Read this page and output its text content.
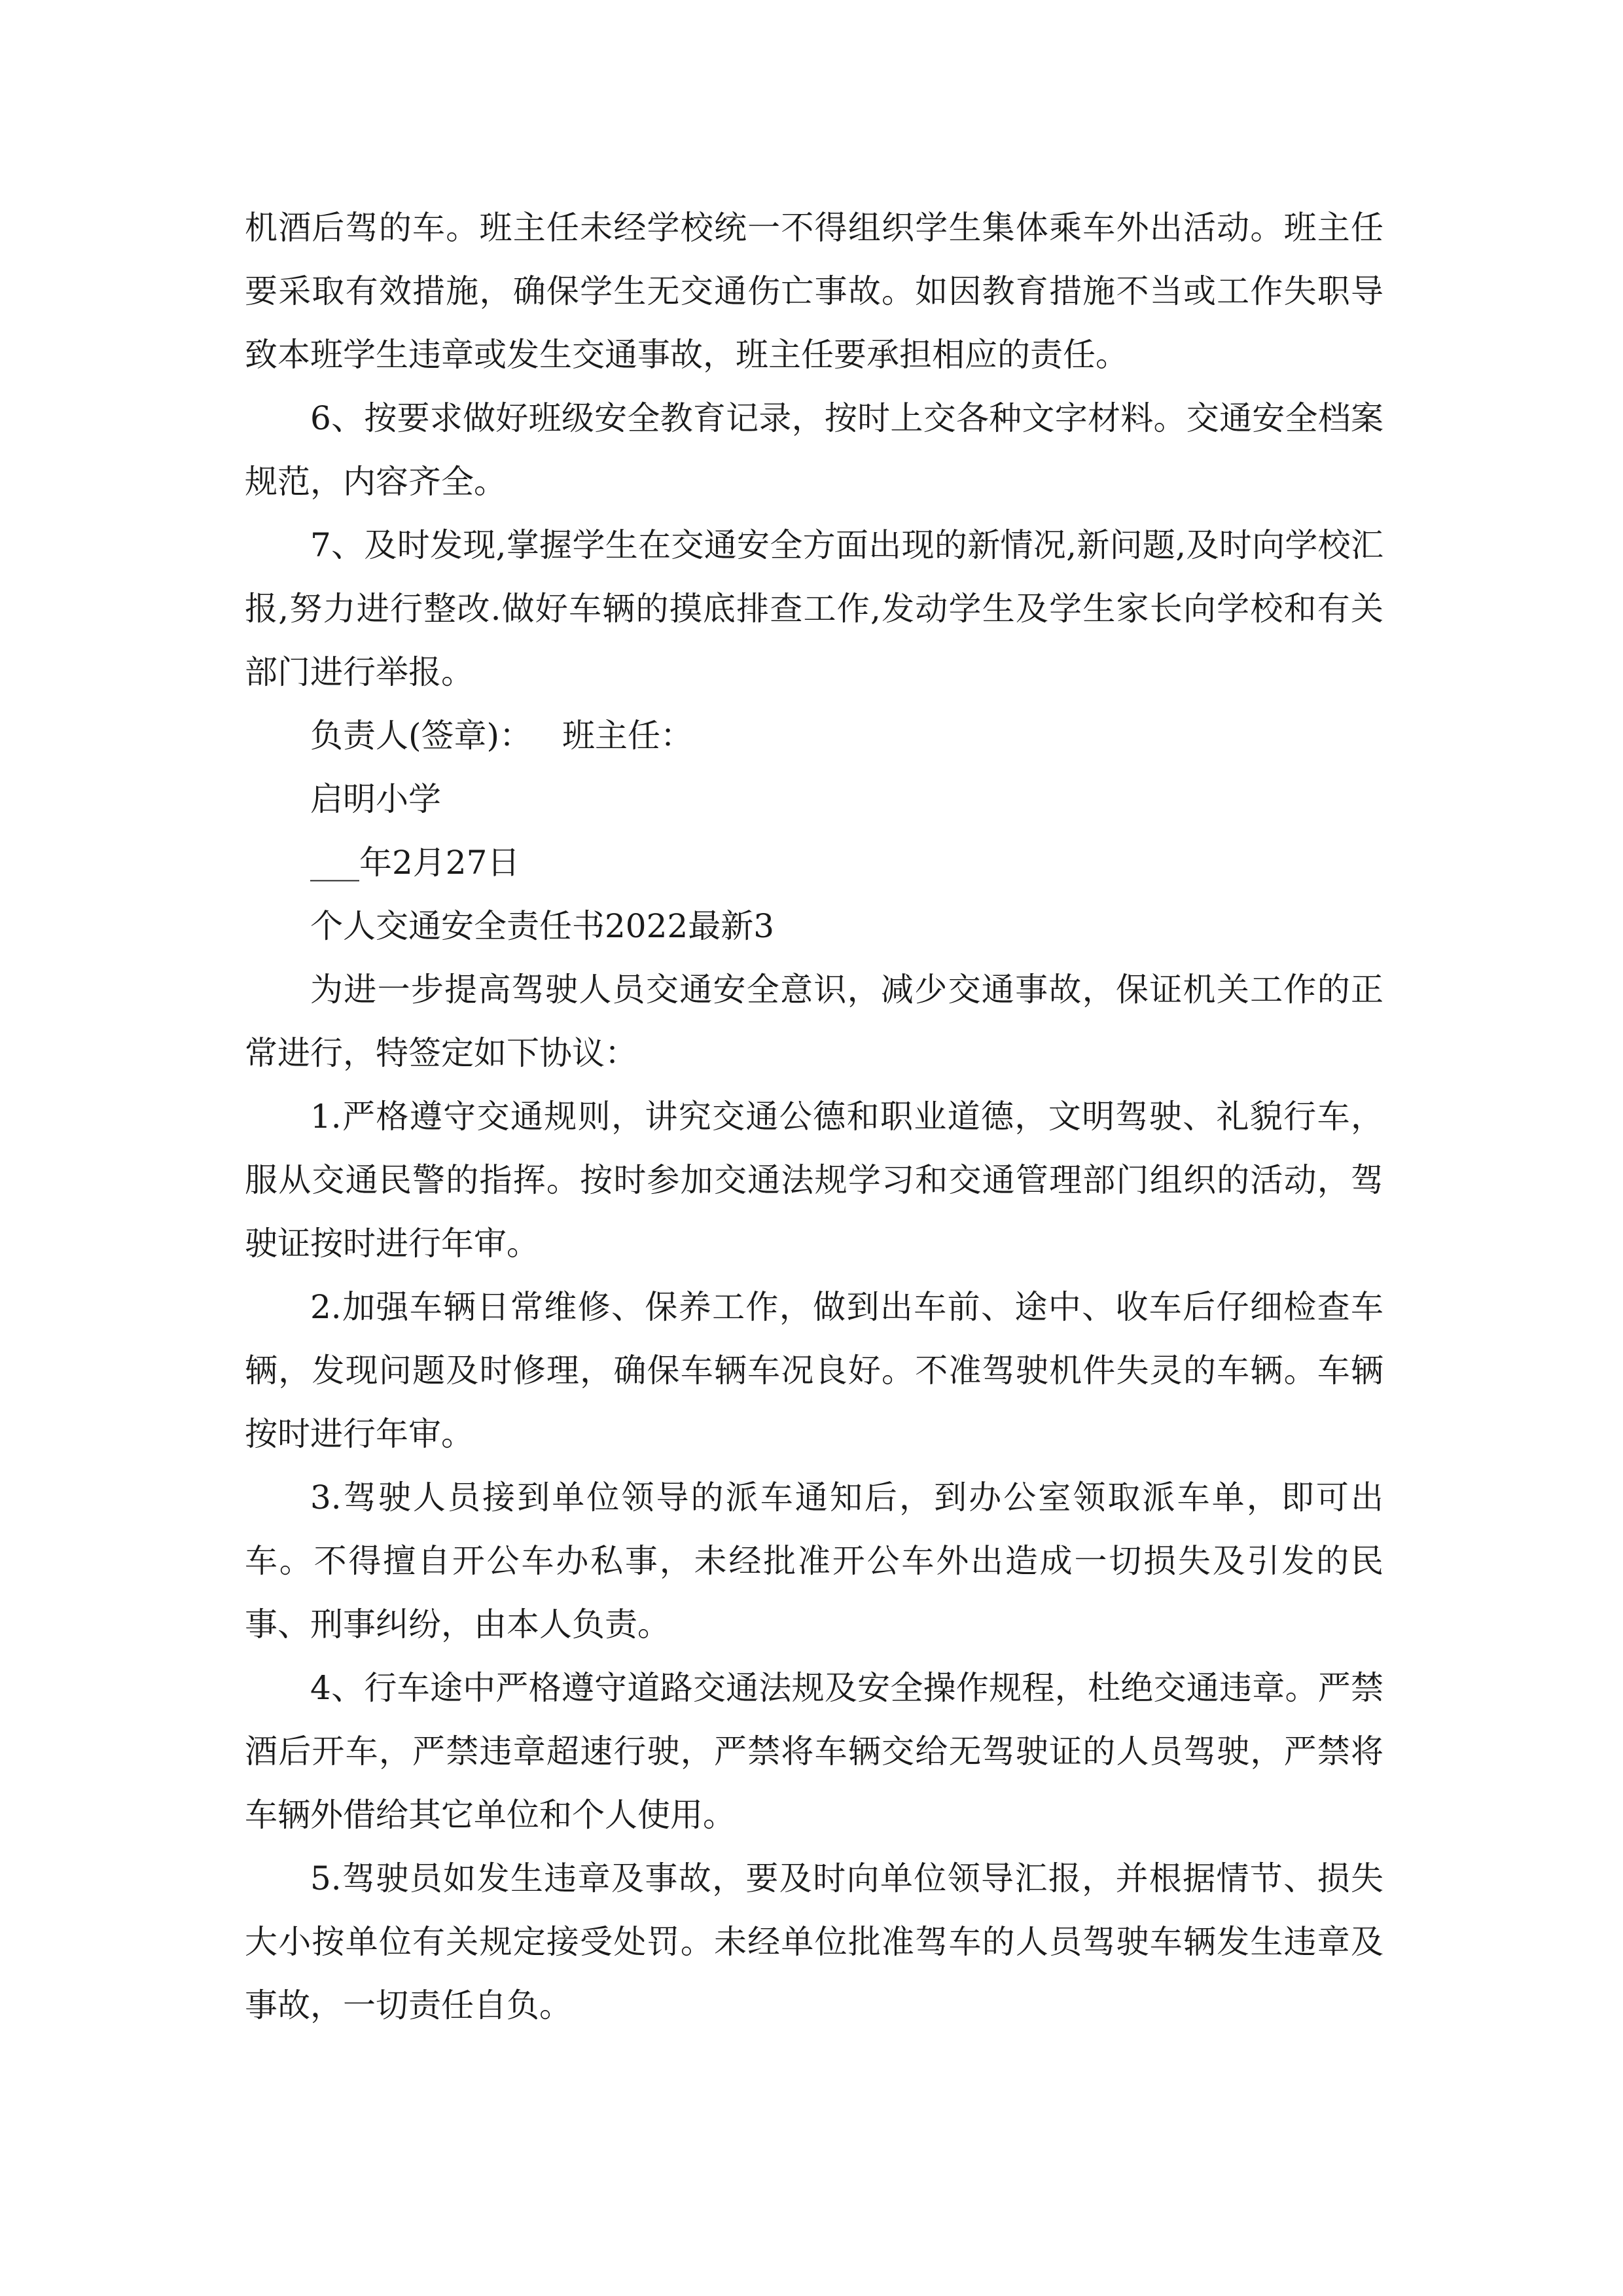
机酒后驾的车。班主任未经学校统一不得组织学生集体乘车外出活动。班主任要采取有效措施，确保学生无交通伤亡事故。如因教育措施不当或工作失职导致本班学生违章或发生交通事故，班主任要承担相应的责任。

6、按要求做好班级安全教育记录，按时上交各种文字材料。交通安全档案规范，内容齐全。

7、及时发现,掌握学生在交通安全方面出现的新情况,新问题,及时向学校汇报,努力进行整改.做好车辆的摸底排查工作,发动学生及学生家长向学校和有关部门进行举报。

负责人(签章)： 班主任：

启明小学

___年2月27日

个人交通安全责任书2022最新3

为进一步提高驾驶人员交通安全意识，减少交通事故，保证机关工作的正常进行，特签定如下协议：

1.严格遵守交通规则，讲究交通公德和职业道德，文明驾驶、礼貌行车，服从交通民警的指挥。按时参加交通法规学习和交通管理部门组织的活动，驾驶证按时进行年审。

2.加强车辆日常维修、保养工作，做到出车前、途中、收车后仔细检查车辆，发现问题及时修理，确保车辆车况良好。不准驾驶机件失灵的车辆。车辆按时进行年审。

3.驾驶人员接到单位领导的派车通知后，到办公室领取派车单，即可出车。不得擅自开公车办私事，未经批准开公车外出造成一切损失及引发的民事、刑事纠纷，由本人负责。

4、行车途中严格遵守道路交通法规及安全操作规程，杜绝交通违章。严禁酒后开车，严禁违章超速行驶，严禁将车辆交给无驾驶证的人员驾驶，严禁将车辆外借给其它单位和个人使用。

5.驾驶员如发生违章及事故，要及时向单位领导汇报，并根据情节、损失大小按单位有关规定接受处罚。未经单位批准驾车的人员驾驶车辆发生违章及事故，一切责任自负。
